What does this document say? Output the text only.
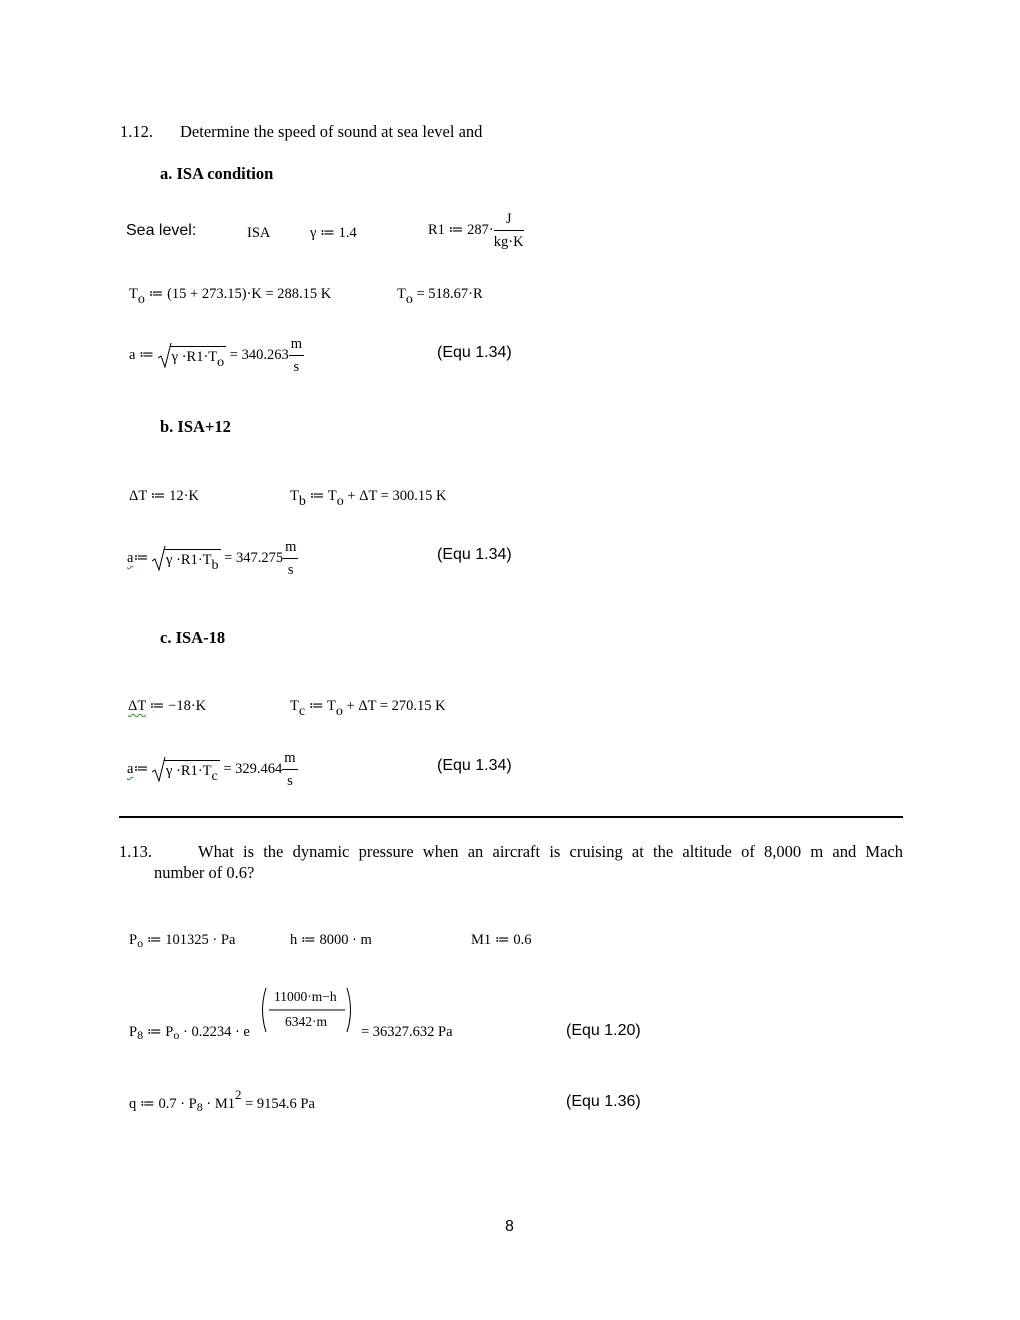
1.12. Determine the speed of sound at sea level and
a. ISA condition
Sea level:	ISA	γ ≔ 1.4	R1 ≔ $287\cdot \frac{J}{kg\cdot K}$
To ≔ (15 + 273.15)·K = 288.15 K	To = 518.67·R
a ≔ $\gamma \cdot R1\cdot To = 340.263 \frac{m}{s}$	(Equ 1.34)
b. ISA+12
ΔT ≔ 12·K	Tb ≔ To + ΔT = 300.15 K
a≔ $\gamma \cdot R1\cdot Tb = 347.275 \frac{m}{s}$	(Equ 1.34)
c. ISA-18
ΔT ≔ −18·K	Tc ≔ To + ΔT = 270.15 K
a≔ $\gamma \cdot R1\cdot Tc = 329.464 \frac{m}{s}$	(Equ 1.34)
1.13.	What is the dynamic pressure when an aircraft is cruising at the altitude of 8,000 m and Mach
number of 0.6?
$P_o$ ≔ 101325 · Pa	h ≔ 8000 · m	M1 ≔ 0.6
$P_8$ ≔ $P_o \cdot 0.2234 \cdot e$
11000·m−h
6342·m
= 36327.632 Pa	(Equ 1.20)
q ≔ $0.7 \cdot P_8 \cdot M12 = 9154.6$ Pa	(Equ 1.36)
8
